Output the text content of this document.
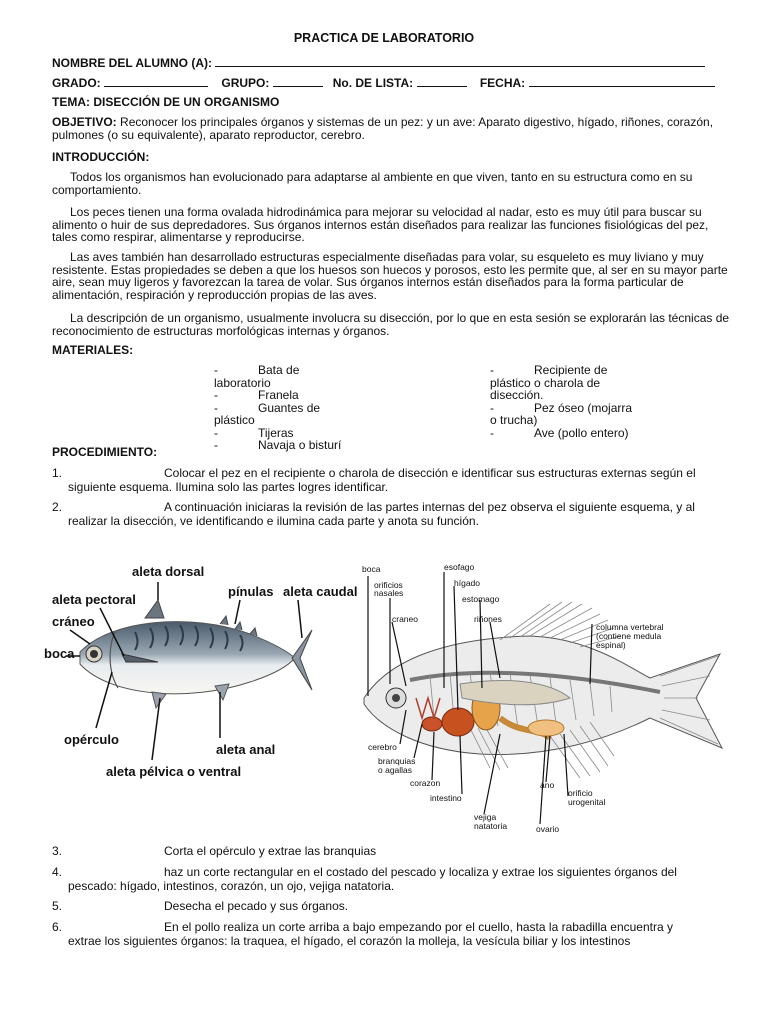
PRACTICA DE LABORATORIO
NOMBRE DEL ALUMNO (A):
GRADO:	GRUPO:	No. DE LISTA:	FECHA:
TEMA: DISECCIÓN DE UN ORGANISMO
OBJETIVO: Reconocer los principales órganos y sistemas de un pez: y un ave: Aparato digestivo, hígado, riñones, corazón, pulmones (o su equivalente), aparato reproductor, cerebro.
INTRODUCCIÓN:
Todos los organismos han evolucionado para adaptarse al ambiente en que viven, tanto en su estructura como en su comportamiento.
Los peces tienen una forma ovalada hidrodinámica para mejorar su velocidad al nadar, esto es muy útil para buscar su alimento o huir de sus depredadores. Sus órganos internos están diseñados para realizar las funciones fisiológicas del pez, tales como respirar, alimentarse y reproducirse.
Las aves también han desarrollado estructuras especialmente diseñadas para volar, su esqueleto es muy liviano y muy resistente. Estas propiedades se deben a que los huesos son huecos y porosos, esto les permite que, al ser en su mayor parte aire, sean muy ligeros y favorezcan la tarea de volar. Sus órganos internos están diseñados para la forma particular de alimentación, respiración y reproducción propias de las aves.
La descripción de un organismo, usualmente involucra su disección, por lo que en esta sesión se explorarán las técnicas de reconocimiento de estructuras morfológicas internas y órganos.
MATERIALES:
-	Bata de
laboratorio
-	Franela
-	Guantes de
plástico
-	Tijeras
-	Navaja o bisturí
-	Recipiente de
plástico o charola de
disección.
-	Pez óseo (mojarra
o trucha)
-	Ave (pollo entero)
PROCEDIMIENTO:
1.	Colocar el pez en el recipiente o charola de disección e identificar sus estructuras externas según el
siguiente esquema. Ilumina solo las partes logres identificar.
2.	A continuación iniciaras la revisión de las partes internas del pez observa el siguiente esquema, y al
realizar la disección, ve identificando e ilumina cada parte y anota su función.
aleta dorsal
pínulas aleta caudal
aleta pectoral
cráneo
boca
opérculo
aleta anal
aleta pélvica o ventral
boca
orificios
nasales
craneo
esofago
hígado
estomago
riñones
columna vertebral
(contiene medula
espinal)
cerebro
branquias
o agallas
corazon
intestino
vejiga
natatoria
ano
orificio
urogenital
ovario
3.	Corta el opérculo y extrae las branquias
4.	haz un corte rectangular en el costado del pescado y localiza y extrae los siguientes órganos del
pescado: hígado, intestinos, corazón, un ojo, vejiga natatoria.
5.	Desecha el pecado y sus órganos.
6.	En el pollo realiza un corte arriba a bajo empezando por el cuello, hasta la rabadilla encuentra y
extrae los siguientes órganos: la traquea, el hígado, el corazón la molleja, la vesícula biliar y los intestinos
